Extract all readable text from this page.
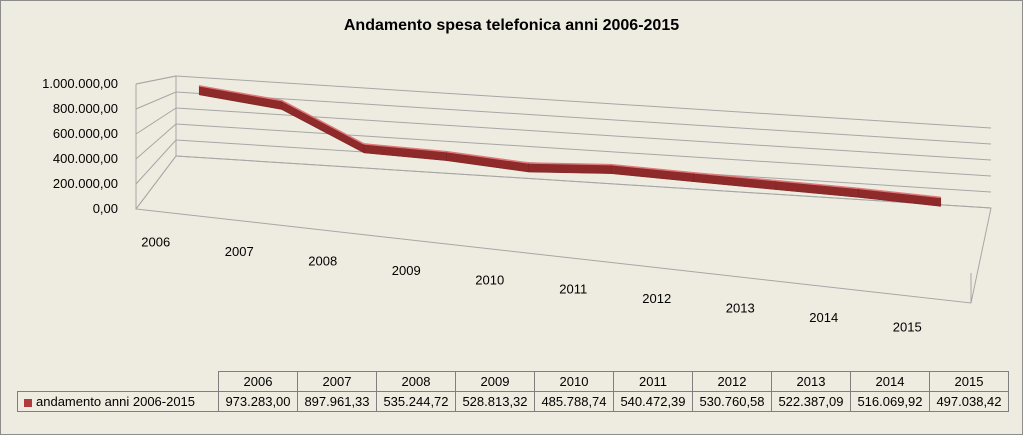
Andamento spesa telefonica anni 2006-2015
0,00
200.000,00
400.000,00
600.000,00
800.000,00
1.000.000,00
2006
2007
2008
2009
2010
2011
2012
2013
2014
2015
	2006	2007	2008	2009	2010	2011	2012	2013	2014	2015
andamento anni 2006-2015	973.283,00	897.961,33	535.244,72	528.813,32	485.788,74	540.472,39	530.760,58	522.387,09	516.069,92	497.038,42
